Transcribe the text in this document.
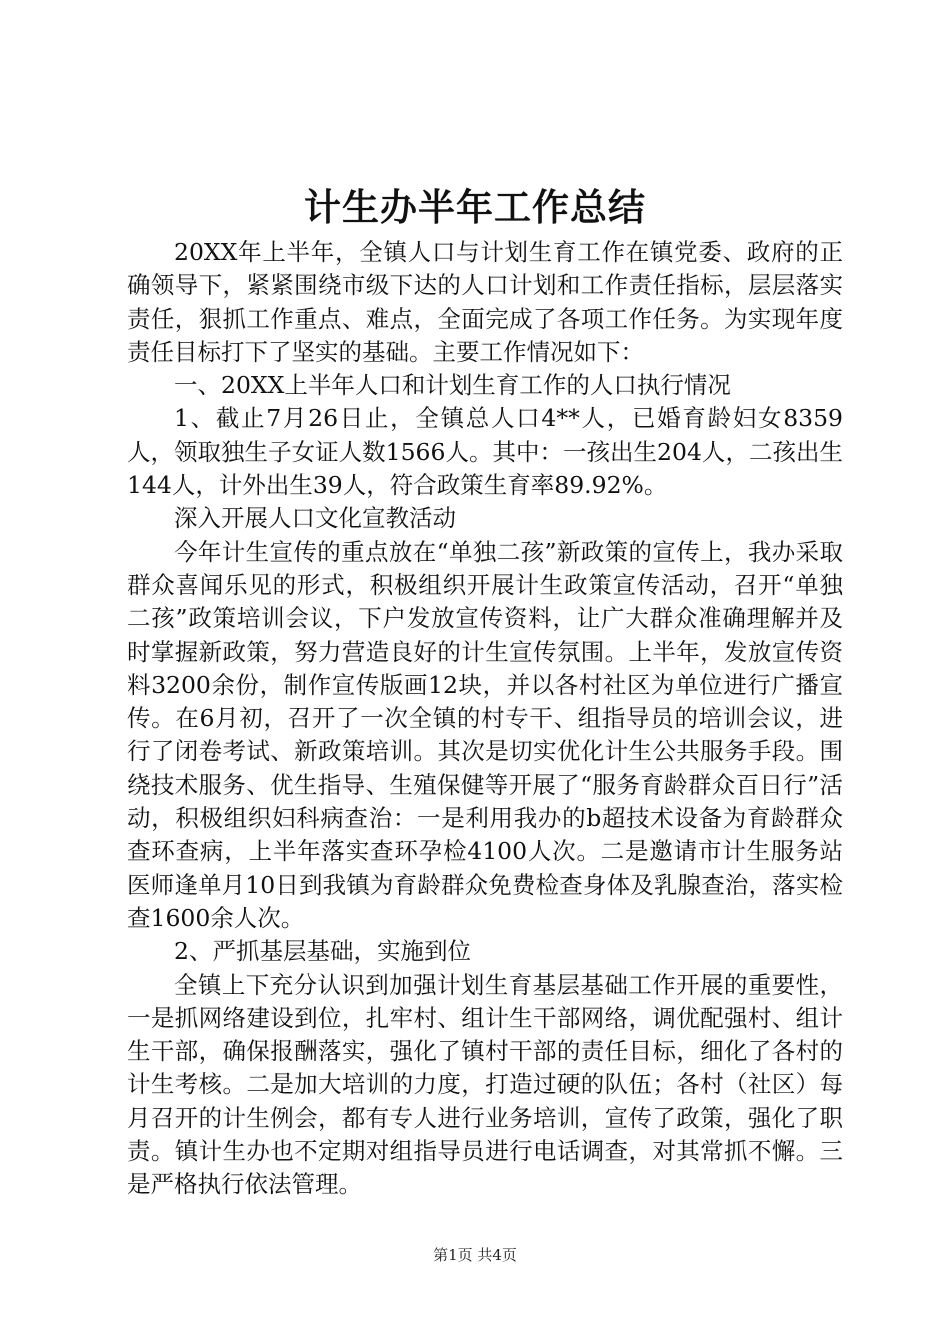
计生办半年工作总结

20XX年上半年，全镇人口与计划生育工作在镇党委、政府的正确领导下，紧紧围绕市级下达的人口计划和工作责任指标，层层落实责任，狠抓工作重点、难点，全面完成了各项工作任务。为实现年度责任目标打下了坚实的基础。主要工作情况如下：

一、20XX上半年人口和计划生育工作的人口执行情况

1、截止7月26日止，全镇总人口4**人，已婚育龄妇女8359人，领取独生子女证人数1566人。其中：一孩出生204人，二孩出生144人，计外出生39人，符合政策生育率89.92%。

深入开展人口文化宣教活动

今年计生宣传的重点放在“单独二孩”新政策的宣传上，我办采取群众喜闻乐见的形式，积极组织开展计生政策宣传活动，召开“单独二孩”政策培训会议，下户发放宣传资料，让广大群众准确理解并及时掌握新政策，努力营造良好的计生宣传氛围。上半年，发放宣传资料3200余份，制作宣传版画12块，并以各村社区为单位进行广播宣传。在6月初，召开了一次全镇的村专干、组指导员的培训会议，进行了闭卷考试、新政策培训。其次是切实优化计生公共服务手段。围绕技术服务、优生指导、生殖保健等开展了“服务育龄群众百日行”活动，积极组织妇科病查治：一是利用我办的b超技术设备为育龄群众查环查病，上半年落实查环孕检4100人次。二是邀请市计生服务站医师逢单月10日到我镇为育龄群众免费检查身体及乳腺查治，落实检查1600余人次。

2、严抓基层基础，实施到位

全镇上下充分认识到加强计划生育基层基础工作开展的重要性，一是抓网络建设到位，扎牢村、组计生干部网络，调优配强村、组计生干部，确保报酬落实，强化了镇村干部的责任目标，细化了各村的计生考核。二是加大培训的力度，打造过硬的队伍；各村（社区）每月召开的计生例会，都有专人进行业务培训，宣传了政策，强化了职责。镇计生办也不定期对组指导员进行电话调查，对其常抓不懈。三是严格执行依法管理。

第1页 共4页
